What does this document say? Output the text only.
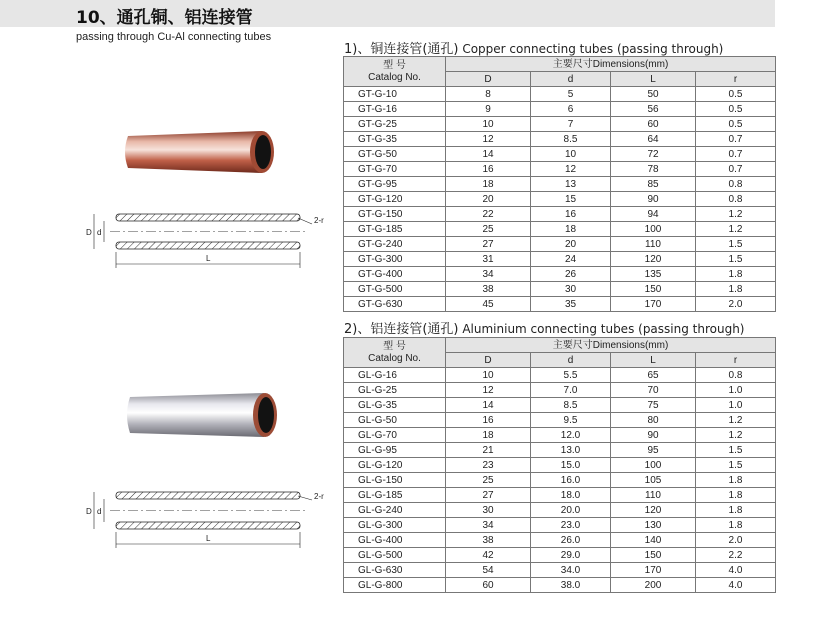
10、通孔铜、铝连接管
passing through Cu-Al connecting tubes
D d
L
2-r
D d
L
2-r
1)、铜连接管(通孔) Copper connecting tubes (passing through)
型 号
Catalog No.	主要尺寸Dimensions(mm)			
	D	d	L	r
GT-G-10	8	5	50	0.5
GT-G-16	9	6	56	0.5
GT-G-25	10	7	60	0.5
GT-G-35	12	8.5	64	0.7
GT-G-50	14	10	72	0.7
GT-G-70	16	12	78	0.7
GT-G-95	18	13	85	0.8
GT-G-120	20	15	90	0.8
GT-G-150	22	16	94	1.2
GT-G-185	25	18	100	1.2
GT-G-240	27	20	110	1.5
GT-G-300	31	24	120	1.5
GT-G-400	34	26	135	1.8
GT-G-500	38	30	150	1.8
GT-G-630	45	35	170	2.0
2)、铝连接管(通孔) Aluminium connecting tubes (passing through)
型 号
Catalog No.	主要尺寸Dimensions(mm)			
	D	d	L	r
GL-G-16	10	5.5	65	0.8
GL-G-25	12	7.0	70	1.0
GL-G-35	14	8.5	75	1.0
GL-G-50	16	9.5	80	1.2
GL-G-70	18	12.0	90	1.2
GL-G-95	21	13.0	95	1.5
GL-G-120	23	15.0	100	1.5
GL-G-150	25	16.0	105	1.8
GL-G-185	27	18.0	110	1.8
GL-G-240	30	20.0	120	1.8
GL-G-300	34	23.0	130	1.8
GL-G-400	38	26.0	140	2.0
GL-G-500	42	29.0	150	2.2
GL-G-630	54	34.0	170	4.0
GL-G-800	60	38.0	200	4.0
